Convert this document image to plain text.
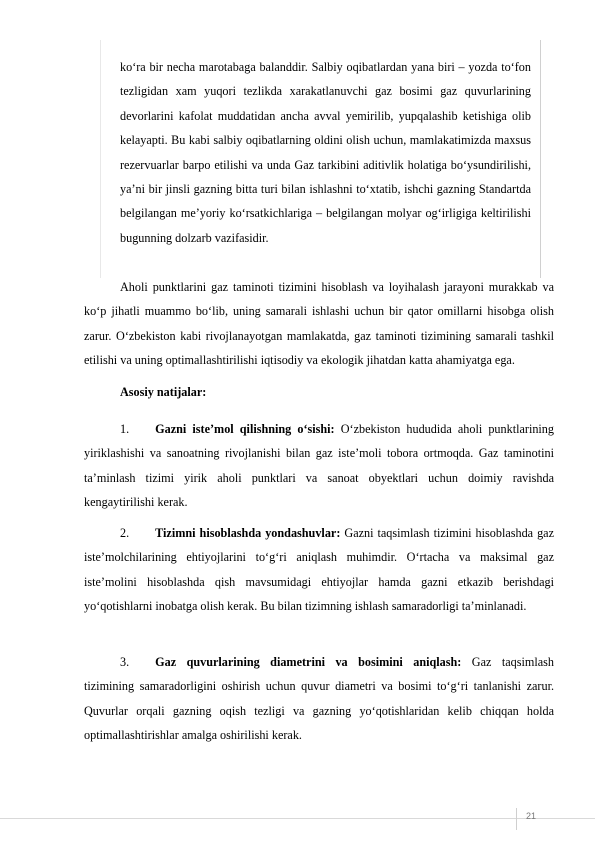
ko‘ra bir necha marotabaga balanddir. Salbiy oqibatlardan yana biri – yozda to‘fon tezligidan xam yuqori tezlikda xarakatlanuvchi gaz bosimi gaz quvurlarining devorlarini kafolat muddatidan ancha avval yemirilib, yupqalashib ketishiga olib kelayapti. Bu kabi salbiy oqibatlarning oldini olish uchun, mamlakatimizda maxsus rezervuarlar barpo etilishi va unda Gaz tarkibini aditivlik holatiga bo‘ysundirilishi, ya’ni bir jinsli gazning bitta turi bilan ishlashni to‘xtatib, ishchi gazning Standartda belgilangan me’yoriy ko‘rsatkichlariga – belgilangan molyar og‘irligiga keltirilishi bugunning dolzarb vazifasidir.
Aholi punktlarini gaz taminoti tizimini hisoblash va loyihalash jarayoni murakkab va ko‘p jihatli muammo bo‘lib, uning samarali ishlashi uchun bir qator omillarni hisobga olish zarur. O‘zbekiston kabi rivojlanayotgan mamlakatda, gaz taminoti tizimining samarali tashkil etilishi va uning optimallashtirilishi iqtisodiy va ekologik jihatdan katta ahamiyatga ega.
Asosiy natijalar:
1. Gazni iste’mol qilishning o‘sishi: O‘zbekiston hududida aholi punktlarining yiriklashishi va sanoatning rivojlanishi bilan gaz iste’moli tobora ortmoqda. Gaz taminotini ta’minlash tizimi yirik aholi punktlari va sanoat obyektlari uchun doimiy ravishda kengaytirilishi kerak.
2. Tizimni hisoblashda yondashuvlar: Gazni taqsimlash tizimini hisoblashda gaz iste’molchilarining ehtiyojlarini to‘g‘ri aniqlash muhimdir. O‘rtacha va maksimal gaz iste’molini hisoblashda qish mavsumidagi ehtiyojlar hamda gazni etkazib berishdagi yo‘qotishlarni inobatga olish kerak. Bu bilan tizimning ishlash samaradorligi ta’minlanadi.
3. Gaz quvurlarining diametrini va bosimini aniqlash: Gaz taqsimlash tizimining samaradorligini oshirish uchun quvur diametri va bosimi to‘g‘ri tanlanishi zarur. Quvurlar orqali gazning oqish tezligi va gazning yo‘qotishlaridan kelib chiqqan holda optimallashtirishlar amalga oshirilishi kerak.
21
